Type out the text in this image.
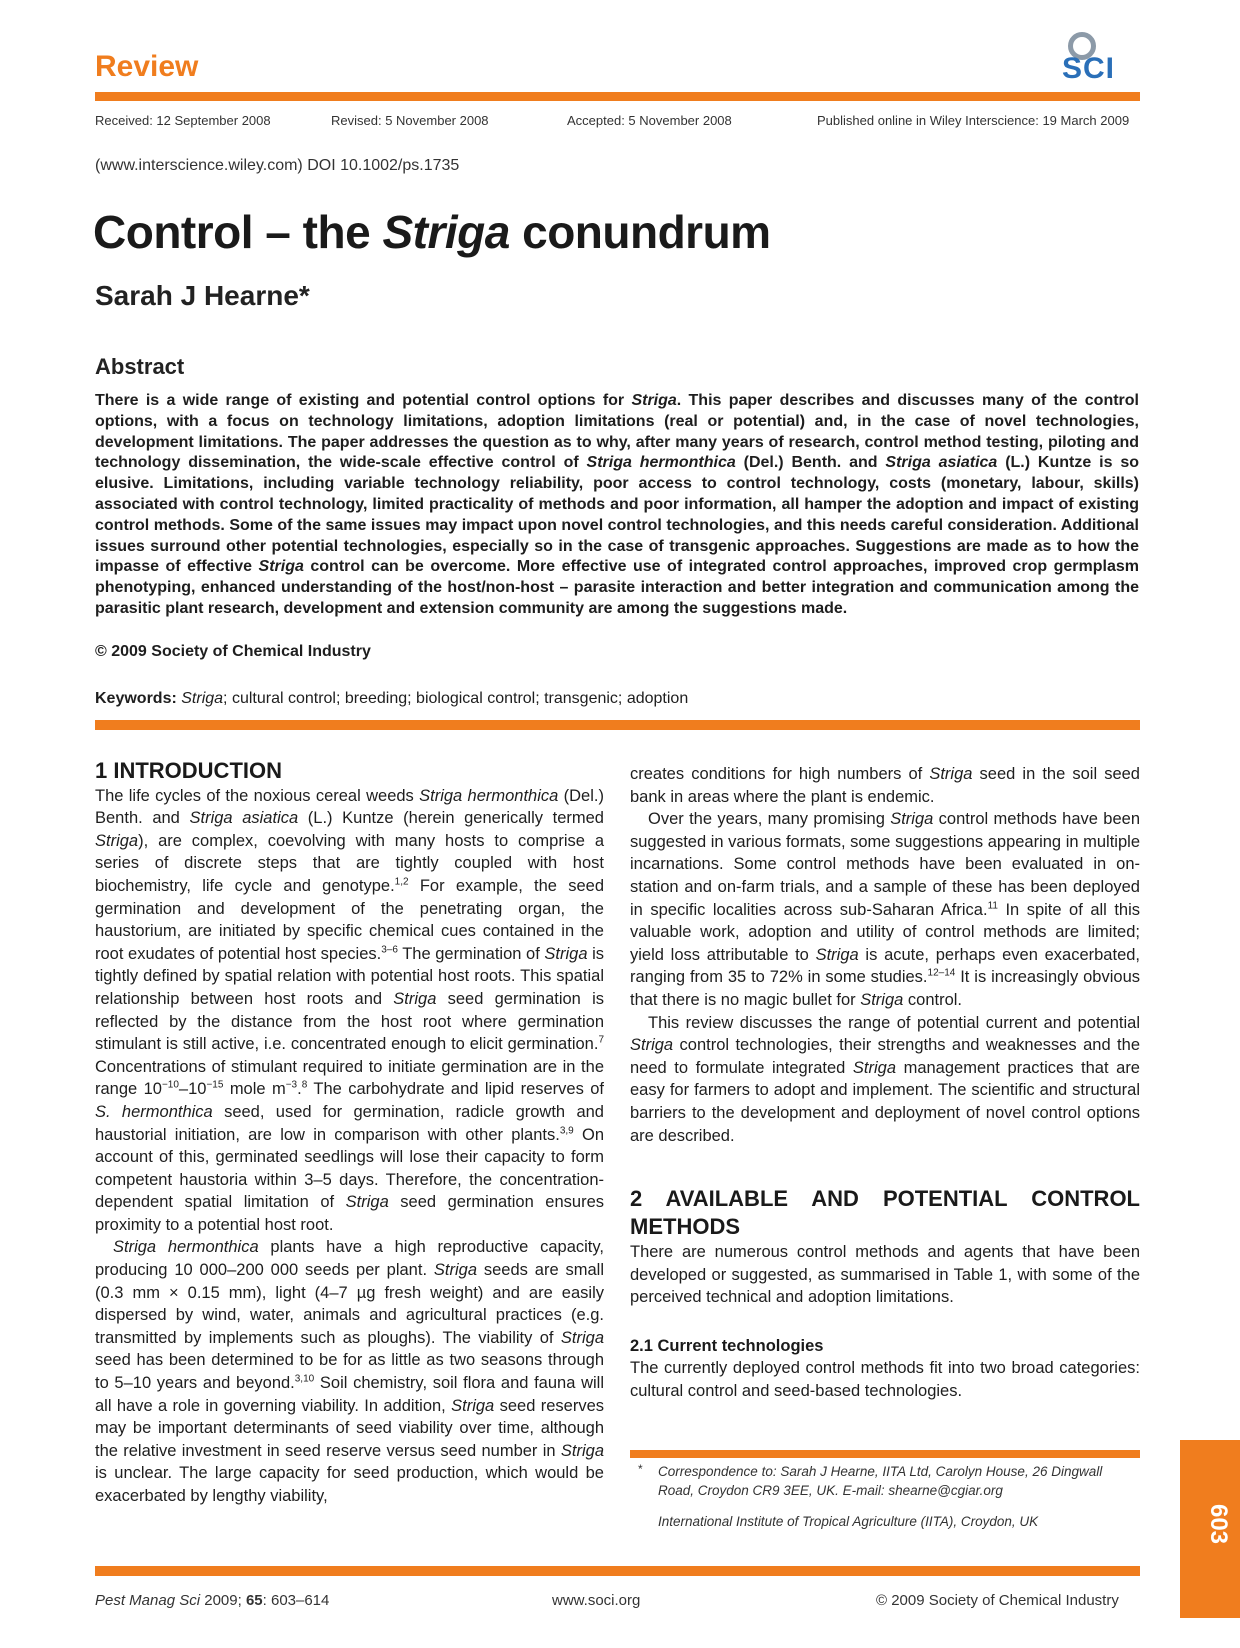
Review	SCI
Received: 12 September 2008	Revised: 5 November 2008	Accepted: 5 November 2008	Published online in Wiley Interscience: 19 March 2009
(www.interscience.wiley.com) DOI 10.1002/ps.1735
Control – the Striga conundrum
Sarah J Hearne*
Abstract
There is a wide range of existing and potential control options for Striga. This paper describes and discusses many of the control options, with a focus on technology limitations, adoption limitations (real or potential) and, in the case of novel technologies, development limitations. The paper addresses the question as to why, after many years of research, control method testing, piloting and technology dissemination, the wide-scale effective control of Striga hermonthica (Del.) Benth. and Striga asiatica (L.) Kuntze is so elusive. Limitations, including variable technology reliability, poor access to control technology, costs (monetary, labour, skills) associated with control technology, limited practicality of methods and poor information, all hamper the adoption and impact of existing control methods. Some of the same issues may impact upon novel control technologies, and this needs careful consideration. Additional issues surround other potential technologies, especially so in the case of transgenic approaches. Suggestions are made as to how the impasse of effective Striga control can be overcome. More effective use of integrated control approaches, improved crop germplasm phenotyping, enhanced understanding of the host/non-host – parasite interaction and better integration and communication among the parasitic plant research, development and extension community are among the suggestions made.
© 2009 Society of Chemical Industry
Keywords: Striga; cultural control; breeding; biological control; transgenic; adoption
1 INTRODUCTION

The life cycles of the noxious cereal weeds Striga hermonthica (Del.) Benth. and Striga asiatica (L.) Kuntze (herein generically termed Striga), are complex, coevolving with many hosts to comprise a series of discrete steps that are tightly coupled with host biochemistry, life cycle and genotype.$^{1,2}$ For example, the seed germination and development of the penetrating organ, the haustorium, are initiated by specific chemical cues contained in the root exudates of potential host species.$^{3-6}$ The germination of Striga is tightly defined by spatial relation with potential host roots. This spatial relationship between host roots and Striga seed germination is reflected by the distance from the host root where germination stimulant is still active, i.e. concentrated enough to elicit germination.$^7$ Concentrations of stimulant required to initiate germination are in the range $10^{-10}-10^{-15}$ mole $m^{-3}.^8$ The carbohydrate and lipid reserves of S. hermonthica seed, used for germination, radicle growth and haustorial initiation, are low in comparison with other plants.$^{3,9}$ On account of this, germinated seedlings will lose their capacity to form competent haustoria within 3–5 days. Therefore, the concentration-dependent spatial limitation of Striga seed germination ensures proximity to a potential host root.

Striga hermonthica plants have a high reproductive capacity, producing 10 000–200 000 seeds per plant. Striga seeds are small (0.3 mm × 0.15 mm), light (4–7 µg fresh weight) and are easily dispersed by wind, water, animals and agricultural practices (e.g. transmitted by implements such as ploughs). The viability of Striga seed has been determined to be for as little as two seasons through to 5–10 years and beyond.$^{3,10}$ Soil chemistry, soil flora and fauna will all have a role in governing viability. In addition, Striga seed reserves may be important determinants of seed viability over time, although the relative investment in seed reserve versus seed number in Striga is unclear. The large capacity for seed production, which would be exacerbated by lengthy viability,

creates conditions for high numbers of Striga seed in the soil seed bank in areas where the plant is endemic.

Over the years, many promising Striga control methods have been suggested in various formats, some suggestions appearing in multiple incarnations. Some control methods have been evaluated in on-station and on-farm trials, and a sample of these has been deployed in specific localities across sub-Saharan Africa.$^{11}$ In spite of all this valuable work, adoption and utility of control methods are limited; yield loss attributable to Striga is acute, perhaps even exacerbated, ranging from 35 to 72% in some studies.$^{12-14}$ It is increasingly obvious that there is no magic bullet for Striga control.

This review discusses the range of potential current and potential Striga control technologies, their strengths and weaknesses and the need to formulate integrated Striga management practices that are easy for farmers to adopt and implement. The scientific and structural barriers to the development and deployment of novel control options are described.

2 AVAILABLE AND POTENTIAL CONTROL METHODS

There are numerous control methods and agents that have been developed or suggested, as summarised in Table 1, with some of the perceived technical and adoption limitations.

2.1 Current technologies

The currently deployed control methods fit into two broad categories: cultural control and seed-based technologies.

* Correspondence to: Sarah J Hearne, IITA Ltd, Carolyn House, 26 Dingwall Road, Croydon CR9 3EE, UK. E-mail: shearne@cgiar.org
International Institute of Tropical Agriculture (IITA), Croydon, UK	603
Pest Manag Sci 2009; 65: 603–614	www.soci.org	© 2009 Society of Chemical Industry
